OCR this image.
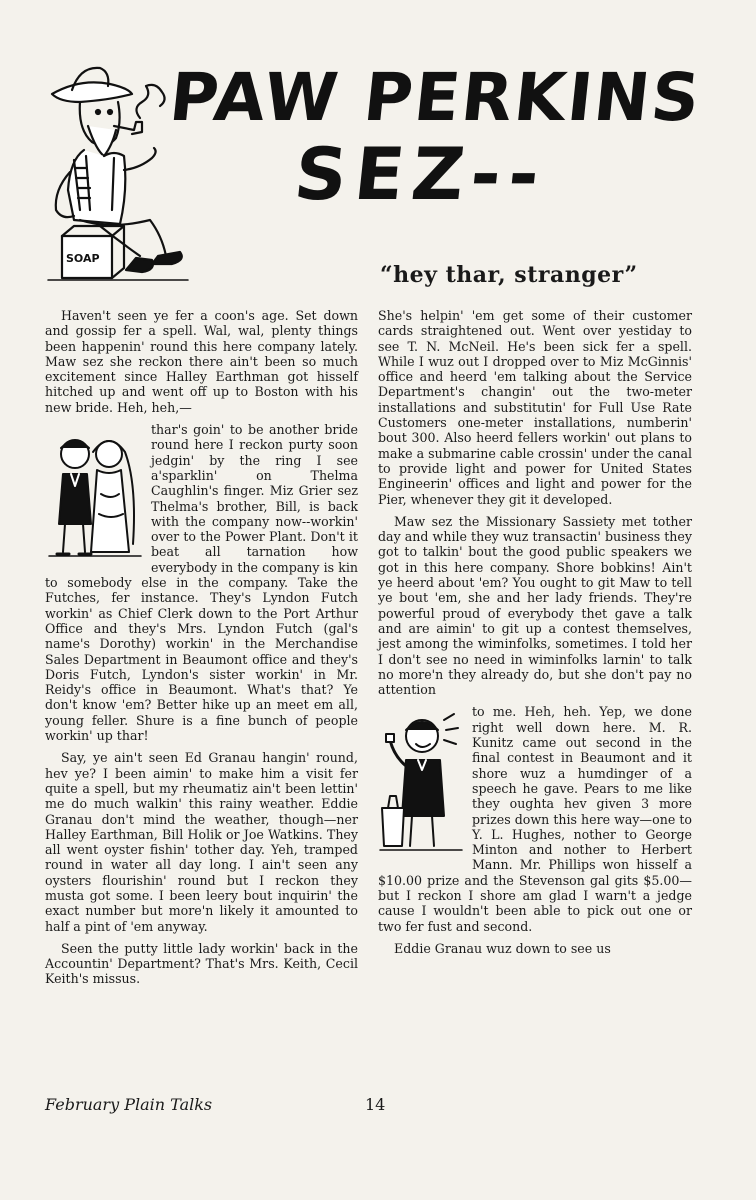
SOAP
PAW PERKINS
SEZ--
“hey thar, stranger”

Haven't seen ye fer a coon's age. Set down and gossip fer a spell. Wal, wal, plenty things been happenin' round this here company lately. Maw sez she reckon there ain't been so much excitement since Halley Earthman got hisself hitched up and went off up to Boston with his new bride. Heh, heh,—

thar's goin' to be another bride round here I reckon purty soon jedgin' by the ring I see a'sparklin' on Thelma Caughlin's finger. Miz Grier sez Thelma's brother, Bill, is back with the company now--workin' over to the Power Plant. Don't it beat all tarnation how everybody in the company is kin to somebody else in the company. Take the Futches, fer instance. They's Lyndon Futch workin' as Chief Clerk down to the Port Arthur Office and they's Mrs. Lyndon Futch (gal's name's Dorothy) workin' in the Merchandise Sales Department in Beaumont office and they's Doris Futch, Lyndon's sister workin' in Mr. Reidy's office in Beaumont. What's that? Ye don't know 'em? Better hike up an meet em all, young feller. Shure is a fine bunch of people workin' up thar!

Say, ye ain't seen Ed Granau hangin' round, hev ye? I been aimin' to make him a visit fer quite a spell, but my rheumatiz ain't been lettin' me do much walkin' this rainy weather. Eddie Granau don't mind the weather, though—ner Halley Earthman, Bill Holik or Joe Watkins. They all went oyster fishin' tother day. Yeh, tramped round in water all day long. I ain't seen any oysters flourishin' round but I reckon they musta got some. I been leery bout inquirin' the exact number but more'n likely it amounted to half a pint of 'em anyway.

Seen the putty little lady workin' back in the Accountin' Department? That's Mrs. Keith, Cecil Keith's missus.

She's helpin' 'em get some of their customer cards straightened out. Went over yestiday to see T. N. McNeil. He's been sick fer a spell. While I wuz out I dropped over to Miz McGinnis' office and heerd 'em talking about the Service Department's changin' out the two-meter installations and substitutin' for Full Use Rate Customers one-meter installations, numberin' bout 300. Also heerd fellers workin' out plans to make a submarine cable crossin' under the canal to provide light and power for United States Engineerin' offices and light and power for the Pier, whenever they git it developed.

Maw sez the Missionary Sassiety met tother day and while they wuz transactin' business they got to talkin' bout the good public speakers we got in this here company. Shore bobkins! Ain't ye heerd about 'em? You ought to git Maw to tell ye bout 'em, she and her lady friends. They're powerful proud of everybody thet gave a talk and are aimin' to git up a contest themselves, jest among the wiminfolks, sometimes. I told her I don't see no need in wiminfolks larnin' to talk no more'n they already do, but she don't pay no attention

to me. Heh, heh. Yep, we done right well down here. M. R. Kunitz came out second in the final contest in Beaumont and it shore wuz a humdinger of a speech he gave. Pears to me like they oughta hev given 3 more prizes down this here way—one to Y. L. Hughes, nother to George Minton and nother to Herbert Mann. Mr. Phillips won hisself a $10.00 prize and the Stevenson gal gits $5.00—but I reckon I shore am glad I warn't a jedge cause I wouldn't been able to pick out one or two fer fust and second.

Eddie Granau wuz down to see us

February Plain Talks	14
